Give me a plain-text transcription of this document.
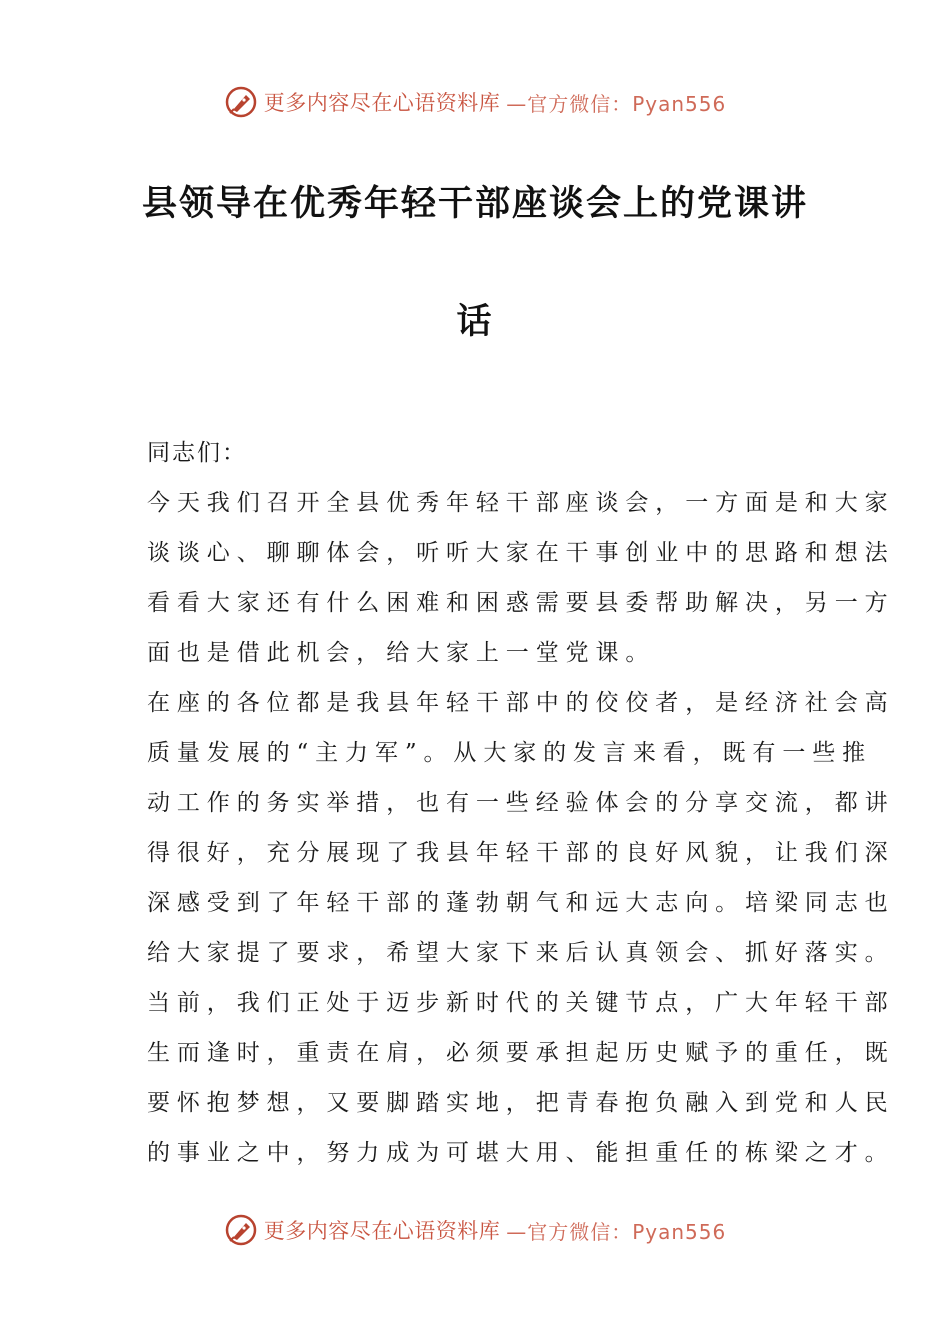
更多内容尽在心语资料库 —官方微信：Pyan556
县领导在优秀年轻干部座谈会上的党课讲
话
同志们：
今天我们召开全县优秀年轻干部座谈会，一方面是和大家
谈谈心、聊聊体会，听听大家在干事创业中的思路和想法
看看大家还有什么困难和困惑需要县委帮助解决，另一方
面也是借此机会，给大家上一堂党课。
在座的各位都是我县年轻干部中的佼佼者，是经济社会高
质量发展的“主力军”。从大家的发言来看，既有一些推
动工作的务实举措，也有一些经验体会的分享交流，都讲
得很好，充分展现了我县年轻干部的良好风貌，让我们深
深感受到了年轻干部的蓬勃朝气和远大志向。培梁同志也
给大家提了要求，希望大家下来后认真领会、抓好落实。
当前，我们正处于迈步新时代的关键节点，广大年轻干部
生而逢时，重责在肩，必须要承担起历史赋予的重任，既
要怀抱梦想，又要脚踏实地，把青春抱负融入到党和人民
的事业之中，努力成为可堪大用、能担重任的栋梁之才。
更多内容尽在心语资料库 —官方微信：Pyan556
